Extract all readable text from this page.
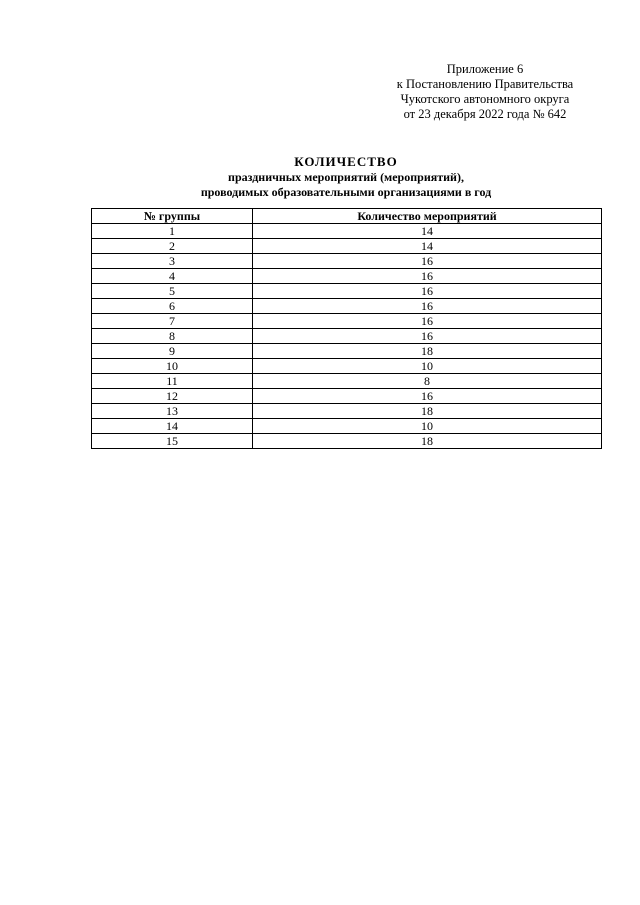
Приложение 6
к Постановлению Правительства
Чукотского автономного округа
от 23 декабря 2022 года № 642
КОЛИЧЕСТВО
праздничных мероприятий (мероприятий),
проводимых образовательными организациями в год
№ группы	Количество мероприятий
1	14
2	14
3	16
4	16
5	16
6	16
7	16
8	16
9	18
10	10
11	8
12	16
13	18
14	10
15	18
